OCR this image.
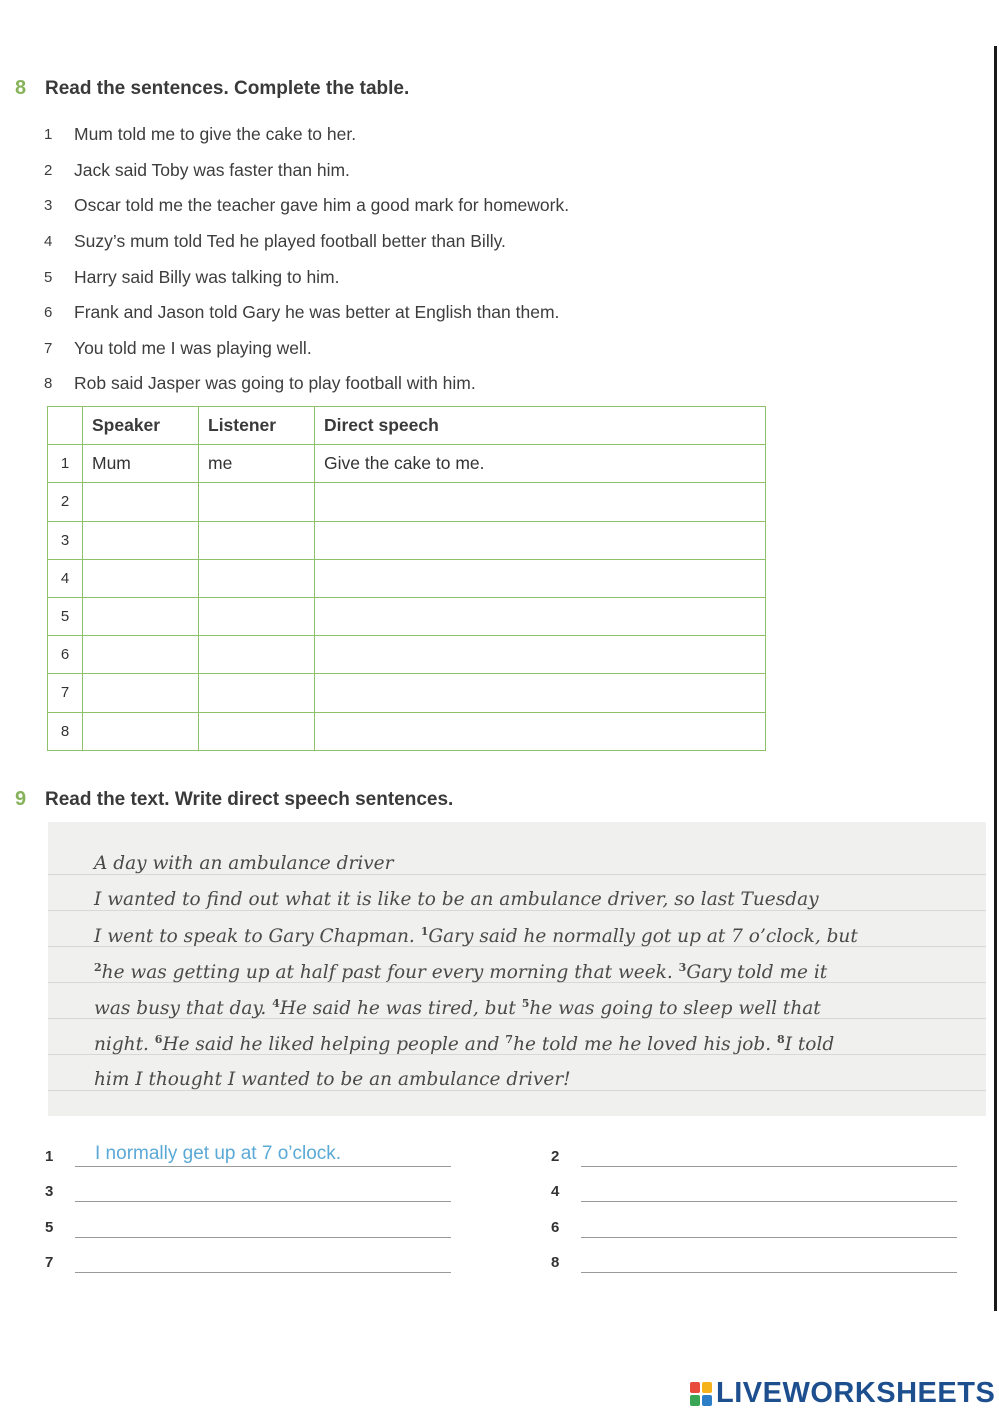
8 Read the sentences. Complete the table.
1	Mum told me to give the cake to her.
2	Jack said Toby was faster than him.
3	Oscar told me the teacher gave him a good mark for homework.
4	Suzy’s mum told Ted he played football better than Billy.
5	Harry said Billy was talking to him.
6	Frank and Jason told Gary he was better at English than them.
7	You told me I was playing well.
8	Rob said Jasper was going to play football with him.
	Speaker	Listener	Direct speech
1	Mum	me	Give the cake to me.
2			
3			
4			
5			
6			
7			
8			
9 Read the text. Write direct speech sentences.
A day with an ambulance driver
I wanted to find out what it is like to be an ambulance driver, so last Tuesday
I went to speak to Gary Chapman. $^1$Gary said he normally got up at 7 o’clock, but
$^2$he was getting up at half past four every morning that week. $^3$Gary told me it
was busy that day. $^4$He said he was tired, but $^5$he was going to sleep well that
night. $^6$He said he liked helping people and $^7$he told me he loved his job. $^8$I told
him I thought I wanted to be an ambulance driver!
1	I normally get up at 7 o’clock.	2
3	4
5	6
7	8
LIVEWORKSHEETS
